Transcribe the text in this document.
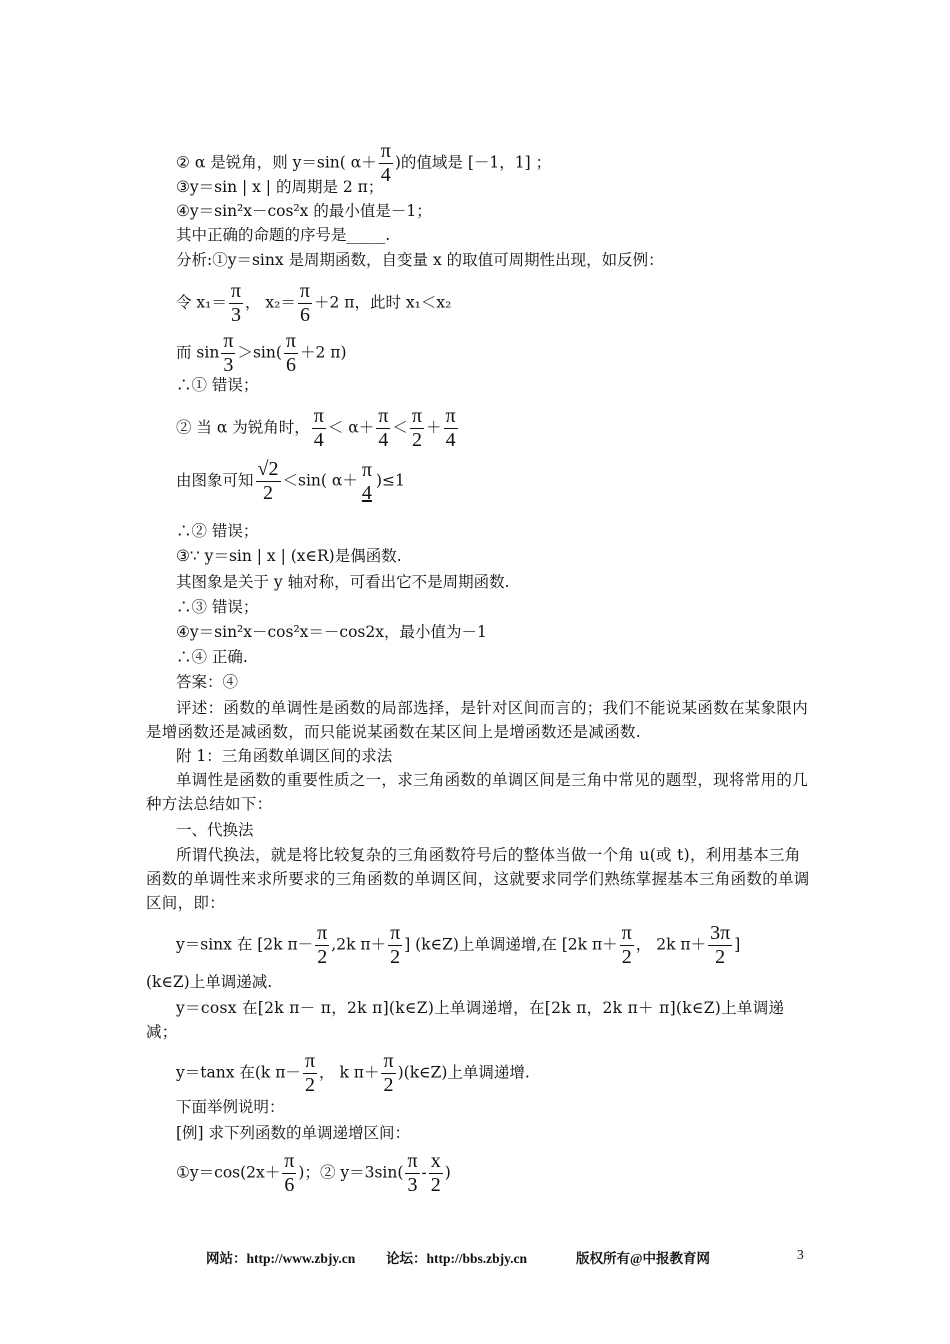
② α 是锐角，则 y＝sin( $\alpha+ \frac{\pi}{4}$ )的值域是 [－1，1] ；
③y＝sin | x | 的周期是 2 π；
④y＝sin²x－cos²x 的最小值是－1；
其中正确的命题的序号是_____.
分析:①y＝sinx 是周期函数，自变量 x 的取值可周期性出现，如反例：
令 $x_1= \frac{\pi}{3}$ ， $x_2= \frac{\pi}{6} +2$ π，此时 x₁＜x₂
而 $\sin \frac{\pi}{3} >\sin( \frac{\pi}{6} +2$ π)
∴① 错误；
② 当 α 为锐角时， $\frac{\pi}{4} < \alpha+ \frac{\pi}{4} < \frac{\pi}{2} + \frac{\pi}{4}$
由图象可知 $\frac{√2}{2} <\sin$( α＋ π
4
)≤1
∴② 错误；
③∵ y＝sin | x | (x∈R)是偶函数.
其图象是关于 y 轴对称，可看出它不是周期函数.
∴③ 错误；
④y＝sin²x－cos²x＝－cos2x，最小值为－1
∴④ 正确.
答案：④
评述：函数的单调性是函数的局部选择，是针对区间而言的；我们不能说某函数在某象限内是增函数还是减函数，而只能说某函数在某区间上是增函数还是减函数.
附 1：三角函数单调区间的求法
单调性是函数的重要性质之一，求三角函数的单调区间是三角中常见的题型，现将常用的几种方法总结如下：
一、代换法
所谓代换法，就是将比较复杂的三角函数符号后的整体当做一个角 u(或 t)，利用基本三角函数的单调性来求所要求的三角函数的单调区间，这就要求同学们熟练掌握基本三角函数的单调区间，即：
y＝sinx 在 [2k $\pi- \frac{\pi}{2} ,2k$ $\pi+ \frac{\pi}{2}$ ] (k∈Z)上单调递增,在 [2k $\pi+ \frac{\pi}{2}$ ， 2k $\pi+ \frac{3\pi}{2}$ ]
(k∈Z)上单调递减.
y＝cosx 在[2k π－ π，2k π](k∈Z)上单调递增，在[2k π，2k π＋ π](k∈Z)上单调递减；
y＝tanx 在(k $\pi- \frac{\pi}{2}$ ， k $\pi+ \frac{\pi}{2}$ )(k∈Z)上单调递增.
下面举例说明：
[例] 求下列函数的单调递增区间：
①y＝cos(2x＋ $\frac{\pi}{6}$ )；② $y=3\sin( \frac{\pi}{3} - \frac{x}{2}$ )
网站：http://www.zbjy.cn 论坛：http://bbs.zbjy.cn	版权所有@中报教育网	3
